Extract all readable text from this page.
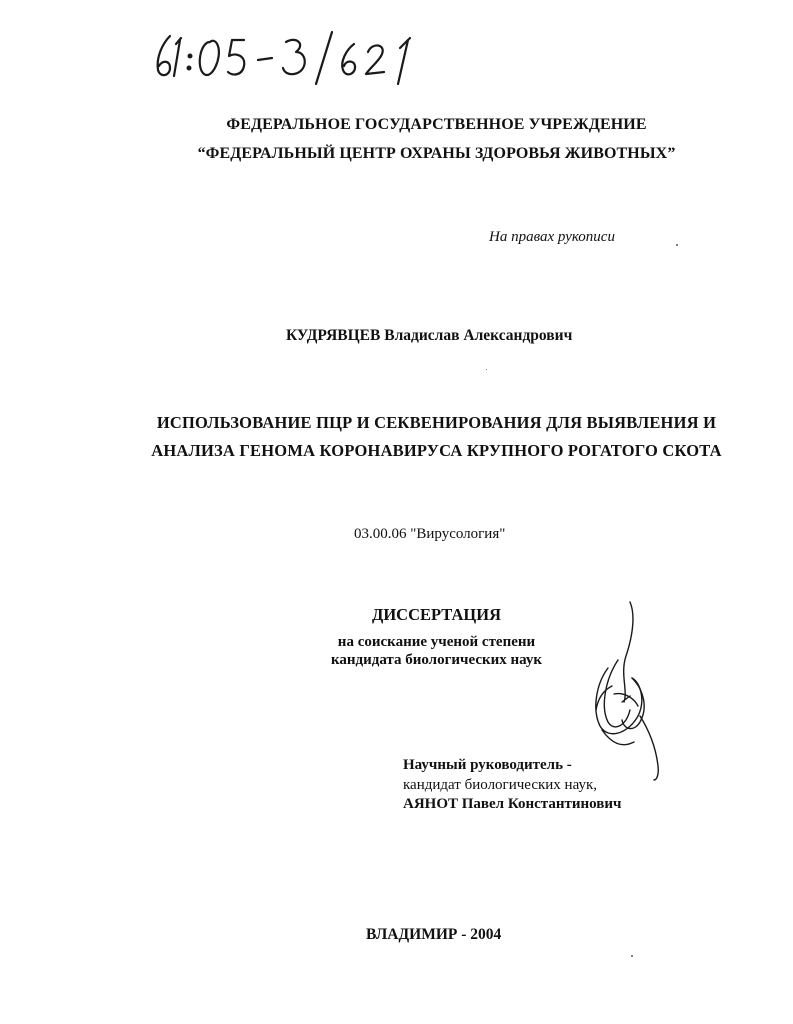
ФЕДЕРАЛЬНОЕ ГОСУДАРСТВЕННОЕ УЧРЕЖДЕНИЕ
“ФЕДЕРАЛЬНЫЙ ЦЕНТР ОХРАНЫ ЗДОРОВЬЯ ЖИВОТНЫХ”
На правах рукописи
КУДРЯВЦЕВ Владислав Александрович
ИСПОЛЬЗОВАНИЕ ПЦР И СЕКВЕНИРОВАНИЯ ДЛЯ ВЫЯВЛЕНИЯ И
АНАЛИЗА ГЕНОМА КОРОНАВИРУСА КРУПНОГО РОГАТОГО СКОТА
03.00.06 "Вирусология"
ДИССЕРТАЦИЯ
на соискание ученой степени
кандидата биологических наук
Научный руководитель -
кандидат биологических наук,
АЯНОТ Павел Константинович
ВЛАДИМИР - 2004
